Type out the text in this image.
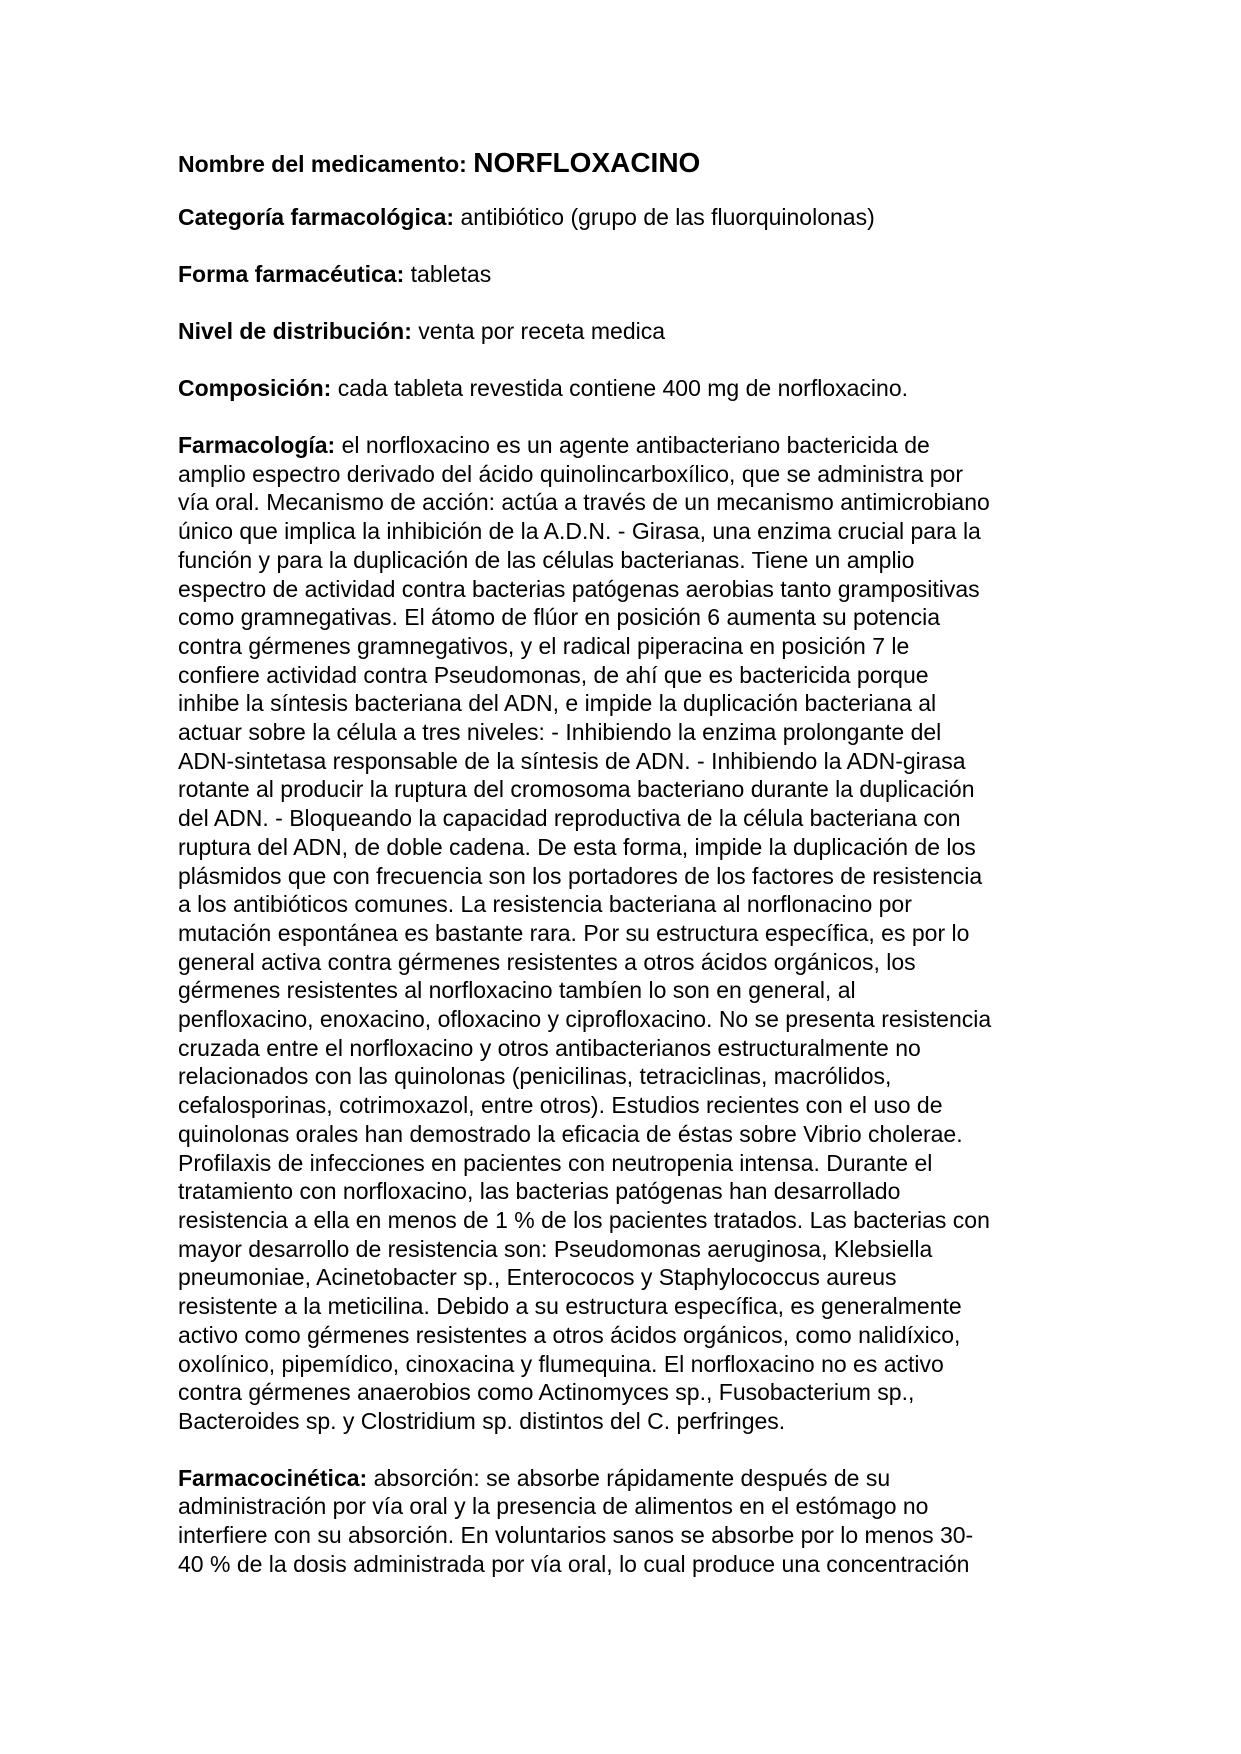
Nombre del medicamento: NORFLOXACINO

Categoría farmacológica: antibiótico (grupo de las fluorquinolonas)

Forma farmacéutica: tabletas

Nivel de distribución: venta por receta medica

Composición: cada tableta revestida contiene 400 mg de norfloxacino.

Farmacología: el norfloxacino es un agente antibacteriano bactericida de
amplio espectro derivado del ácido quinolincarboxílico, que se administra por
vía oral. Mecanismo de acción: actúa a través de un mecanismo antimicrobiano
único que implica la inhibición de la A.D.N. - Girasa, una enzima crucial para la
función y para la duplicación de las células bacterianas. Tiene un amplio
espectro de actividad contra bacterias patógenas aerobias tanto grampositivas
como gramnegativas. El átomo de flúor en posición 6 aumenta su potencia
contra gérmenes gramnegativos, y el radical piperacina en posición 7 le
confiere actividad contra Pseudomonas, de ahí que es bactericida porque
inhibe la síntesis bacteriana del ADN, e impide la duplicación bacteriana al
actuar sobre la célula a tres niveles: - Inhibiendo la enzima prolongante del
ADN-sintetasa responsable de la síntesis de ADN. - Inhibiendo la ADN-girasa
rotante al producir la ruptura del cromosoma bacteriano durante la duplicación
del ADN. - Bloqueando la capacidad reproductiva de la célula bacteriana con
ruptura del ADN, de doble cadena. De esta forma, impide la duplicación de los
plásmidos que con frecuencia son los portadores de los factores de resistencia
a los antibióticos comunes. La resistencia bacteriana al norflonacino por
mutación espontánea es bastante rara. Por su estructura específica, es por lo
general activa contra gérmenes resistentes a otros ácidos orgánicos, los
gérmenes resistentes al norfloxacino tambíen lo son en general, al
penfloxacino, enoxacino, ofloxacino y ciprofloxacino. No se presenta resistencia
cruzada entre el norfloxacino y otros antibacterianos estructuralmente no
relacionados con las quinolonas (penicilinas, tetraciclinas, macrólidos,
cefalosporinas, cotrimoxazol, entre otros). Estudios recientes con el uso de
quinolonas orales han demostrado la eficacia de éstas sobre Vibrio cholerae.
Profilaxis de infecciones en pacientes con neutropenia intensa. Durante el
tratamiento con norfloxacino, las bacterias patógenas han desarrollado
resistencia a ella en menos de 1 % de los pacientes tratados. Las bacterias con
mayor desarrollo de resistencia son: Pseudomonas aeruginosa, Klebsiella
pneumoniae, Acinetobacter sp., Enterococos y Staphylococcus aureus
resistente a la meticilina. Debido a su estructura específica, es generalmente
activo como gérmenes resistentes a otros ácidos orgánicos, como nalidíxico,
oxolínico, pipemídico, cinoxacina y flumequina. El norfloxacino no es activo
contra gérmenes anaerobios como Actinomyces sp., Fusobacterium sp.,
Bacteroides sp. y Clostridium sp. distintos del C. perfringes.
Farmacocinética: absorción: se absorbe rápidamente después de su
administración por vía oral y la presencia de alimentos en el estómago no
interfiere con su absorción. En voluntarios sanos se absorbe por lo menos 30-
40 % de la dosis administrada por vía oral, lo cual produce una concentración
